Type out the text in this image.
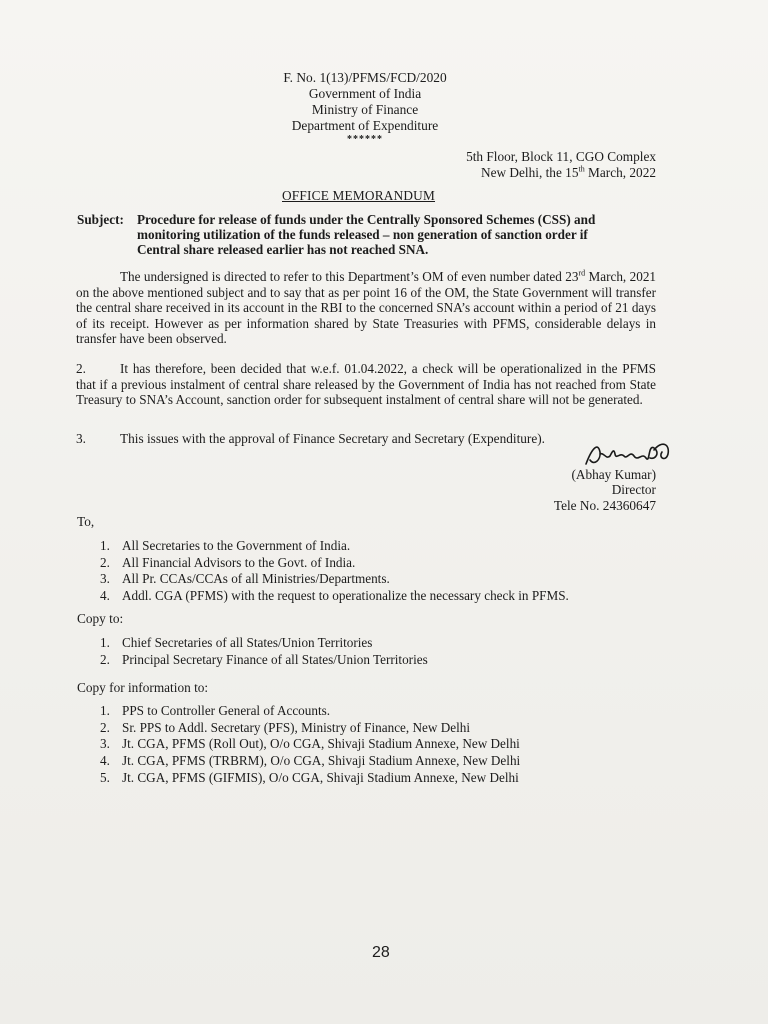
F. No. 1(13)/PFMS/FCD/2020
Government of India
Ministry of Finance
Department of Expenditure
******
5th Floor, Block 11, CGO Complex
New Delhi, the 15th March, 2022
OFFICE MEMORANDUM
Subject: Procedure for release of funds under the Centrally Sponsored Schemes (CSS) and
monitoring utilization of the funds released – non generation of sanction order if
Central share released earlier has not reached SNA.
The undersigned is directed to refer to this Department’s OM of even number dated 23rd March, 2021 on the above mentioned subject and to say that as per point 16 of the OM, the State Government will transfer the central share received in its account in the RBI to the concerned SNA’s account within a period of 21 days of its receipt. However as per information shared by State Treasuries with PFMS, considerable delays in transfer have been observed.
2.	It has therefore, been decided that w.e.f. 01.04.2022, a check will be operationalized in the PFMS that if a previous instalment of central share released by the Government of India has not reached from State Treasury to SNA’s Account, sanction order for subsequent instalment of central share will not be generated.
3.	This issues with the approval of Finance Secretary and Secretary (Expenditure).
(Abhay Kumar)
Director
Tele No. 24360647
To,
1. All Secretaries to the Government of India.
2. All Financial Advisors to the Govt. of India.
3. All Pr. CCAs/CCAs of all Ministries/Departments.
4. Addl. CGA (PFMS) with the request to operationalize the necessary check in PFMS.
Copy to:
1. Chief Secretaries of all States/Union Territories
2. Principal Secretary Finance of all States/Union Territories
Copy for information to:
1. PPS to Controller General of Accounts.
2. Sr. PPS to Addl. Secretary (PFS), Ministry of Finance, New Delhi
3. Jt. CGA, PFMS (Roll Out), O/o CGA, Shivaji Stadium Annexe, New Delhi
4. Jt. CGA, PFMS (TRBRM), O/o CGA, Shivaji Stadium Annexe, New Delhi
5. Jt. CGA, PFMS (GIFMIS), O/o CGA, Shivaji Stadium Annexe, New Delhi
28
